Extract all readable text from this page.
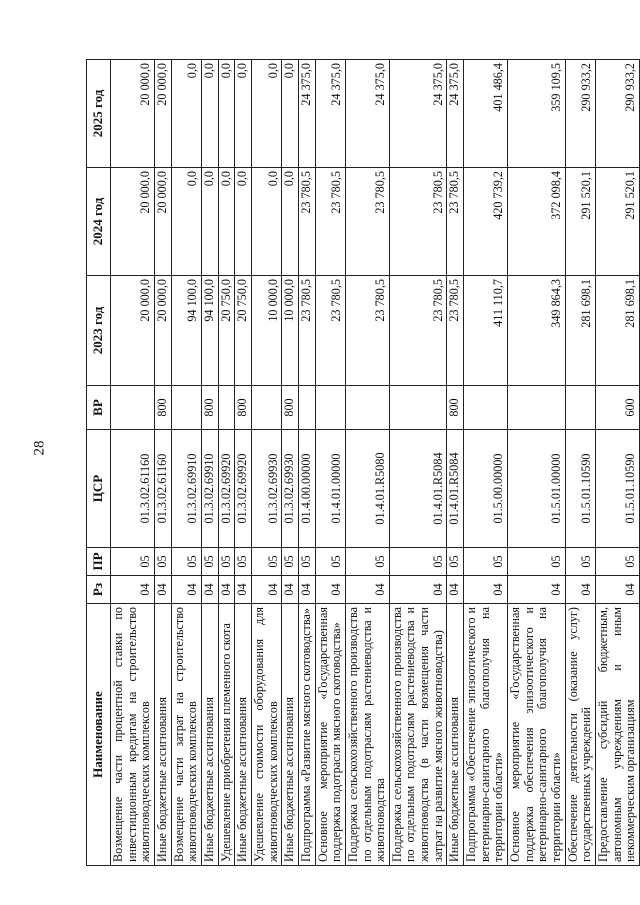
28
Наименование	Рз	ПР	ЦСР	ВР	2023 год	2024 год	2025 год
Возмещение части процентной ставки по инвестиционным кредитам на строительство животноводческих комплексов	04	05	01.3.02.61160		20 000,0	20 000,0	20 000,0
Иные бюджетные ассигнования	04	05	01.3.02.61160	800	20 000,0	20 000,0	20 000,0
Возмещение части затрат на строительство животноводческих комплексов	04	05	01.3.02.69910		94 100,0	0,0	0,0
Иные бюджетные ассигнования	04	05	01.3.02.69910	800	94 100,0	0,0	0,0
Удешевление приобретения племенного скота	04	05	01.3.02.69920		20 750,0	0,0	0,0
Иные бюджетные ассигнования	04	05	01.3.02.69920	800	20 750,0	0,0	0,0
Удешевление стоимости оборудования для животноводческих комплексов	04	05	01.3.02.69930		10 000,0	0,0	0,0
Иные бюджетные ассигнования	04	05	01.3.02.69930	800	10 000,0	0,0	0,0
Подпрограмма «Развитие мясного скотоводства»	04	05	01.4.00.00000		23 780,5	23 780,5	24 375,0
Основное мероприятие «Государственная поддержка подотрасли мясного скотоводства»	04	05	01.4.01.00000		23 780,5	23 780,5	24 375,0
Поддержка сельскохозяйственного производства по отдельным подотраслям растениеводства и животноводства	04	05	01.4.01.R5080		23 780,5	23 780,5	24 375,0
Поддержка сельскохозяйственного производства по отдельным подотраслям растениеводства и животноводства (в части возмещения части затрат на развитие мясного животноводства)	04	05	01.4.01.R5084		23 780,5	23 780,5	24 375,0
Иные бюджетные ассигнования	04	05	01.4.01.R5084	800	23 780,5	23 780,5	24 375,0
Подпрограмма «Обеспечение эпизоотического и ветеринарно-санитарного благополучия на территории области»	04	05	01.5.00.00000		411 110,7	420 739,2	401 486,4
Основное мероприятие «Государственная поддержка обеспечения эпизоотического и ветеринарно-санитарного благополучия на территории области»	04	05	01.5.01.00000		349 864,3	372 098,4	359 109,5
Обеспечение деятельности (оказание услуг) государственных учреждений	04	05	01.5.01.10590		281 698,1	291 520,1	290 933,2
Предоставление субсидий бюджетным, автономным учреждениям и иным некоммерческим организациям	04	05	01.5.01.10590	600	281 698,1	291 520,1	290 933,2
